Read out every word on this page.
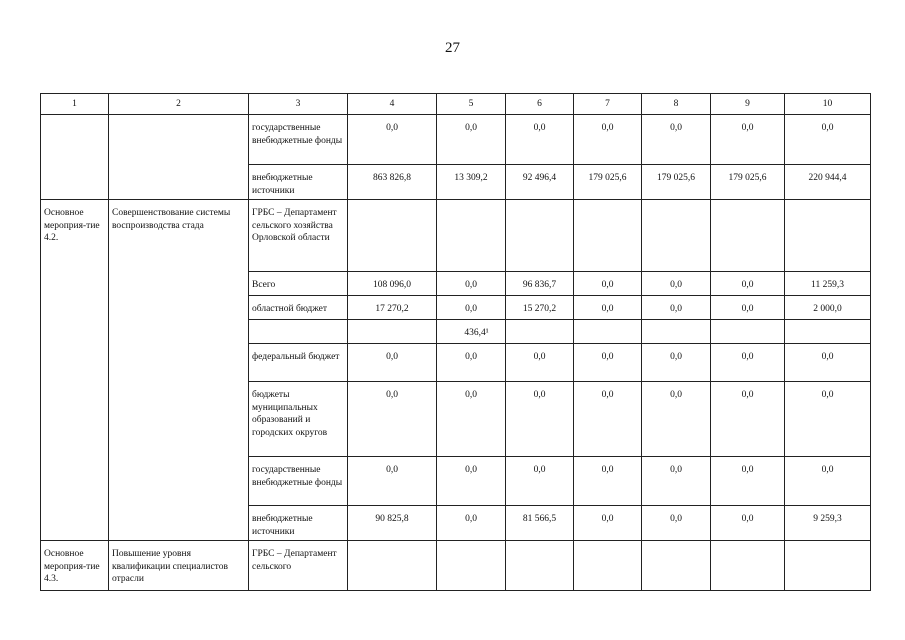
27
1	2	3	4	5	6	7	8	9	10
		государственные внебюджетные фонды	0,0	0,0	0,0	0,0	0,0	0,0	0,0
		внебюджетные источники	863 826,8	13 309,2	92 496,4	179 025,6	179 025,6	179 025,6	220 944,4
Основное мероприя-тие 4.2.	Совершенствование системы воспроизводства стада	ГРБС – Департамент сельского хозяйства Орловской области							
		Всего	108 096,0	0,0	96 836,7	0,0	0,0	0,0	11 259,3
		областной бюджет	17 270,2	0,0	15 270,2	0,0	0,0	0,0	2 000,0
				436,4¹					
		федеральный бюджет	0,0	0,0	0,0	0,0	0,0	0,0	0,0
		бюджеты муниципальных образований и городских округов	0,0	0,0	0,0	0,0	0,0	0,0	0,0
		государственные внебюджетные фонды	0,0	0,0	0,0	0,0	0,0	0,0	0,0
		внебюджетные источники	90 825,8	0,0	81 566,5	0,0	0,0	0,0	9 259,3
Основное мероприя-тие 4.3.	Повышение уровня квалификации специалистов отрасли	ГРБС – Департамент сельского							
